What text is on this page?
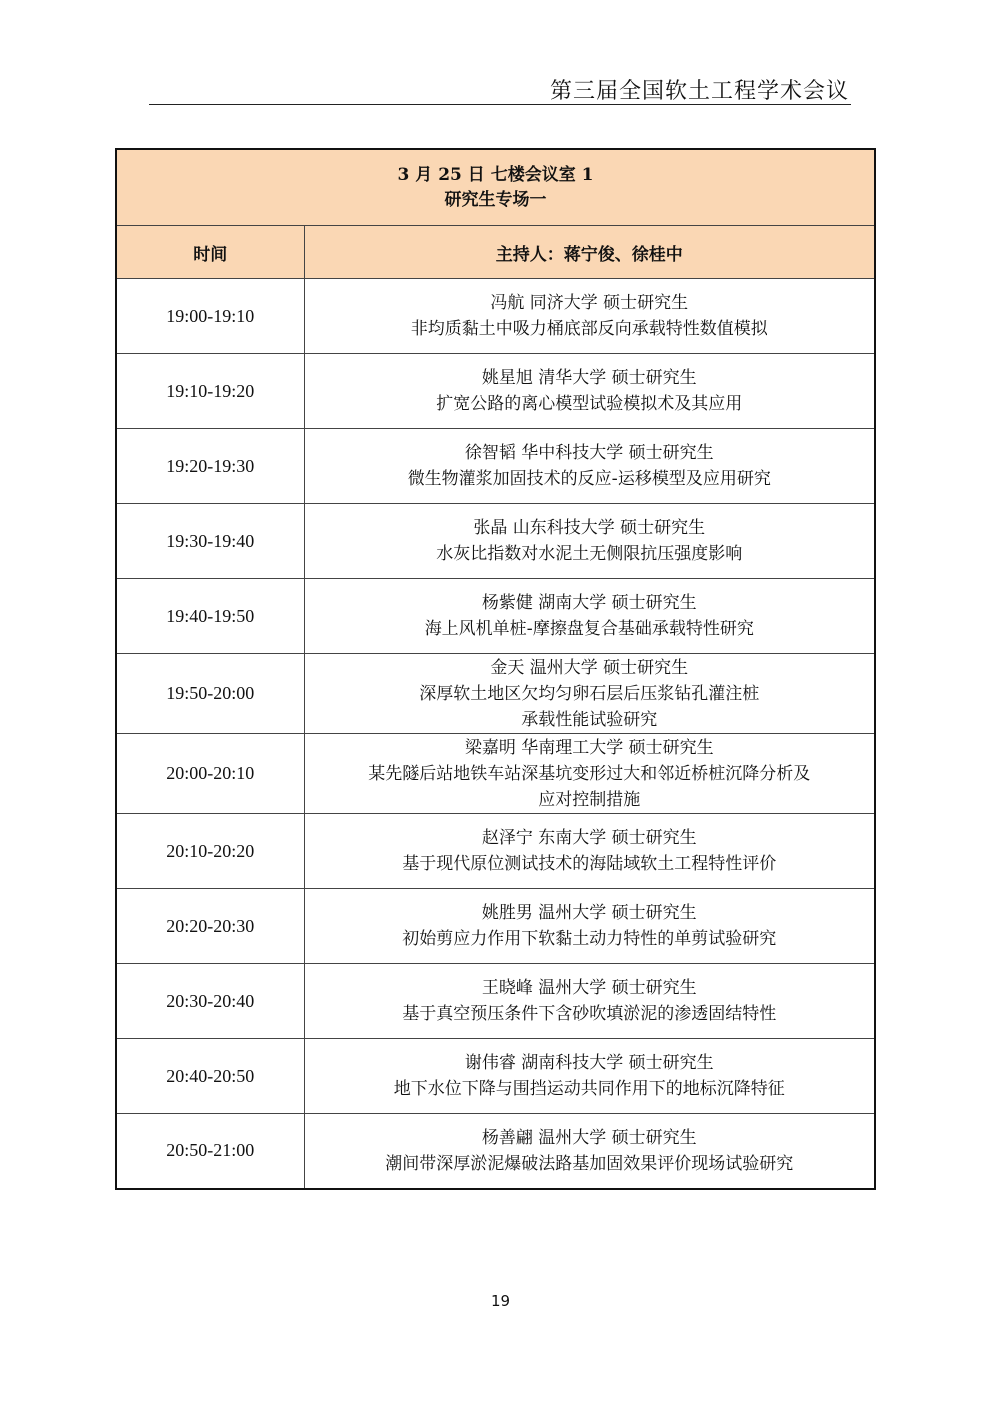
第三届全国软土工程学术会议
3 月 25 日 七楼会议室 1
研究生专场一	

时间	主持人：蒋宁俊、徐桂中
19:00-19:10	冯航 同济大学 硕士研究生
非均质黏土中吸力桶底部反向承载特性数值模拟

19:10-19:20	姚星旭 清华大学 硕士研究生
扩宽公路的离心模型试验模拟术及其应用

19:20-19:30	徐智韬 华中科技大学 硕士研究生
微生物灌浆加固技术的反应-运移模型及应用研究

19:30-19:40	张晶 山东科技大学 硕士研究生
水灰比指数对水泥土无侧限抗压强度影响

19:40-19:50	杨紫健 湖南大学 硕士研究生
海上风机单桩-摩擦盘复合基础承载特性研究

19:50-20:00	金天 温州大学 硕士研究生
深厚软土地区欠均匀卵石层后压浆钻孔灌注桩
承载性能试验研究

20:00-20:10	梁嘉明 华南理工大学 硕士研究生
某先隧后站地铁车站深基坑变形过大和邻近桥桩沉降分析及
应对控制措施

20:10-20:20	赵泽宁 东南大学 硕士研究生
基于现代原位测试技术的海陆域软土工程特性评价

20:20-20:30	姚胜男 温州大学 硕士研究生
初始剪应力作用下软黏土动力特性的单剪试验研究

20:30-20:40	王晓峰 温州大学 硕士研究生
基于真空预压条件下含砂吹填淤泥的渗透固结特性

20:40-20:50	谢伟睿 湖南科技大学 硕士研究生
地下水位下降与围挡运动共同作用下的地标沉降特征

20:50-21:00	杨善翩 温州大学 硕士研究生
潮间带深厚淤泥爆破法路基加固效果评价现场试验研究
19
